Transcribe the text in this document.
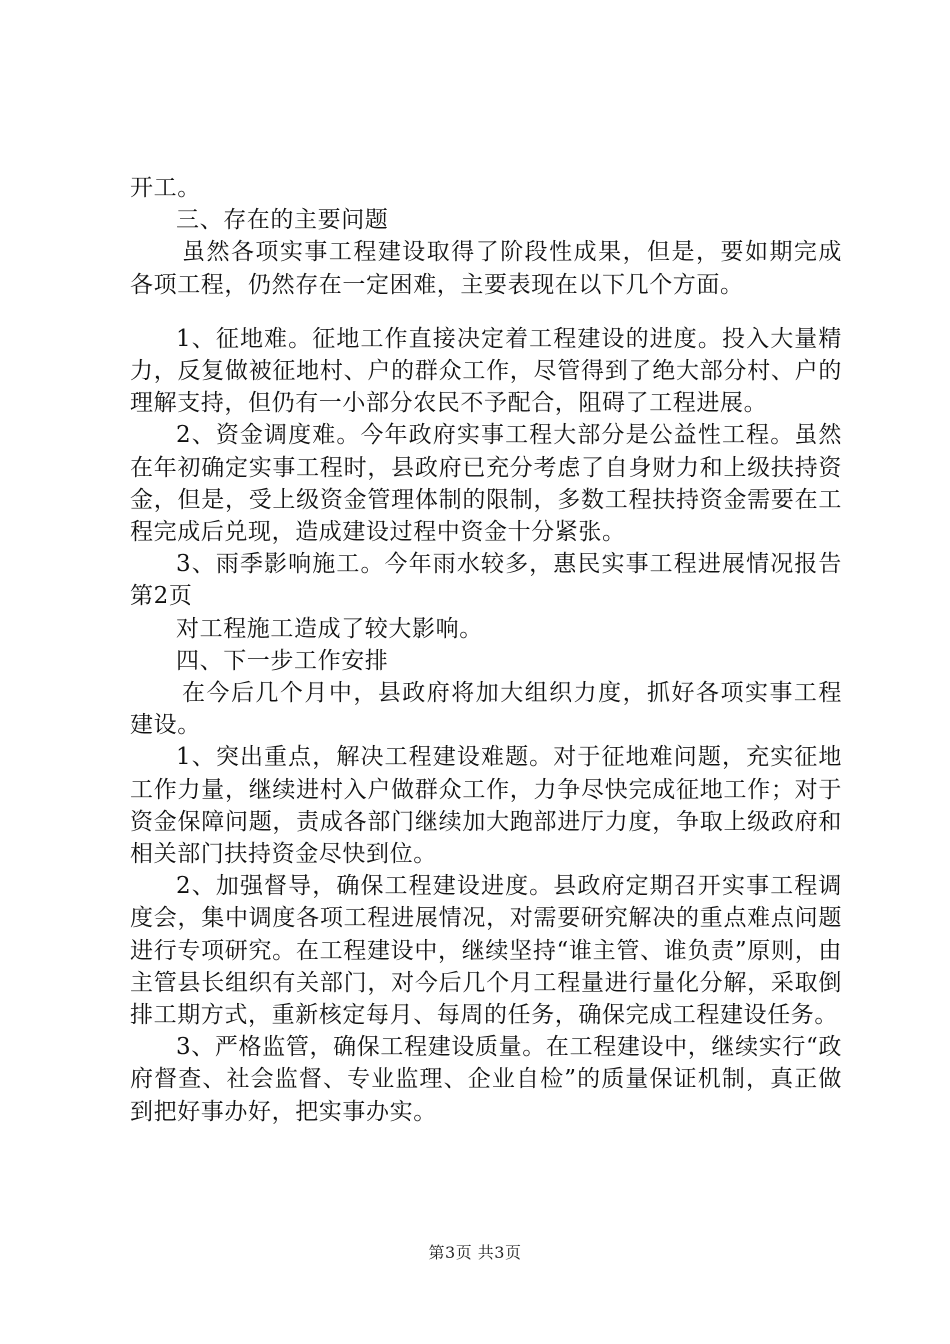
开工。

三、存在的主要问题

虽然各项实事工程建设取得了阶段性成果，但是，要如期完成各项工程，仍然存在一定困难，主要表现在以下几个方面。

1、征地难。征地工作直接决定着工程建设的进度。投入大量精力，反复做被征地村、户的群众工作，尽管得到了绝大部分村、户的理解支持，但仍有一小部分农民不予配合，阻碍了工程进展。

2、资金调度难。今年政府实事工程大部分是公益性工程。虽然在年初确定实事工程时，县政府已充分考虑了自身财力和上级扶持资金，但是，受上级资金管理体制的限制，多数工程扶持资金需要在工程完成后兑现，造成建设过程中资金十分紧张。

3、雨季影响施工。今年雨水较多，惠民实事工程进展情况报告第2页

对工程施工造成了较大影响。

四、下一步工作安排

在今后几个月中，县政府将加大组织力度，抓好各项实事工程建设。

1、突出重点，解决工程建设难题。对于征地难问题，充实征地工作力量，继续进村入户做群众工作，力争尽快完成征地工作；对于资金保障问题，责成各部门继续加大跑部进厅力度，争取上级政府和相关部门扶持资金尽快到位。

2、加强督导，确保工程建设进度。县政府定期召开实事工程调度会，集中调度各项工程进展情况，对需要研究解决的重点难点问题进行专项研究。在工程建设中，继续坚持“谁主管、谁负责”原则，由主管县长组织有关部门，对今后几个月工程量进行量化分解，采取倒排工期方式，重新核定每月、每周的任务，确保完成工程建设任务。

3、严格监管，确保工程建设质量。在工程建设中，继续实行“政府督查、社会监督、专业监理、企业自检”的质量保证机制，真正做到把好事办好，把实事办实。

第3页 共3页
